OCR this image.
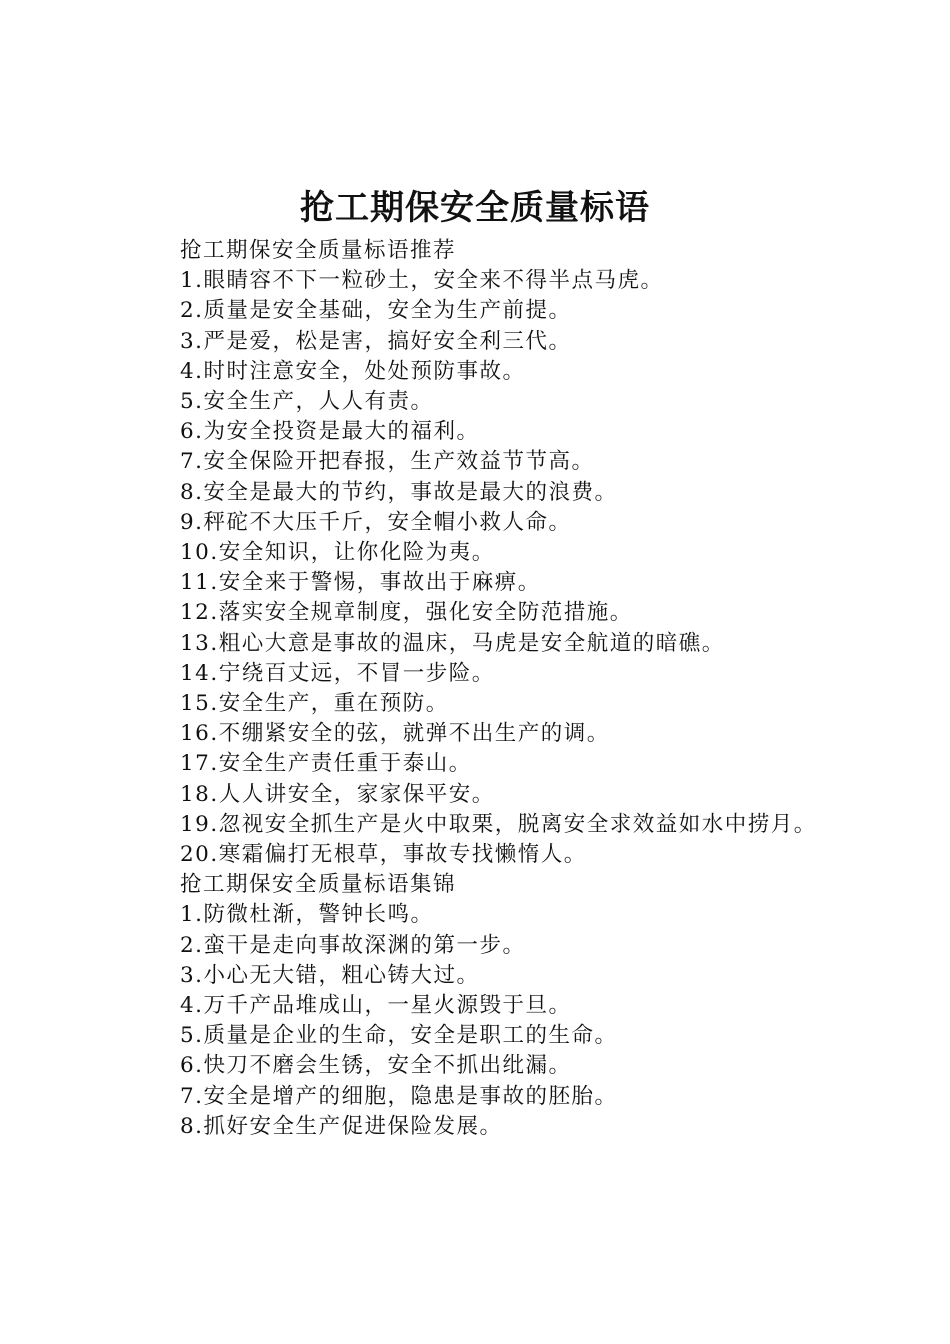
抢工期保安全质量标语

抢工期保安全质量标语推荐

1.眼睛容不下一粒砂土，安全来不得半点马虎。

2.质量是安全基础，安全为生产前提。

3.严是爱，松是害，搞好安全利三代。

4.时时注意安全，处处预防事故。

5.安全生产，人人有责。

6.为安全投资是最大的福利。

7.安全保险开把春报，生产效益节节高。

8.安全是最大的节约，事故是最大的浪费。

9.秤砣不大压千斤，安全帽小救人命。

10.安全知识，让你化险为夷。

11.安全来于警惕，事故出于麻痹。

12.落实安全规章制度，强化安全防范措施。

13.粗心大意是事故的温床，马虎是安全航道的暗礁。

14.宁绕百丈远，不冒一步险。

15.安全生产，重在预防。

16.不绷紧安全的弦，就弹不出生产的调。

17.安全生产责任重于泰山。

18.人人讲安全，家家保平安。

19.忽视安全抓生产是火中取栗，脱离安全求效益如水中捞月。

20.寒霜偏打无根草，事故专找懒惰人。

抢工期保安全质量标语集锦

1.防微杜渐，警钟长鸣。

2.蛮干是走向事故深渊的第一步。

3.小心无大错，粗心铸大过。

4.万千产品堆成山，一星火源毁于旦。

5.质量是企业的生命，安全是职工的生命。

6.快刀不磨会生锈，安全不抓出纰漏。

7.安全是增产的细胞，隐患是事故的胚胎。

8.抓好安全生产促进保险发展。
